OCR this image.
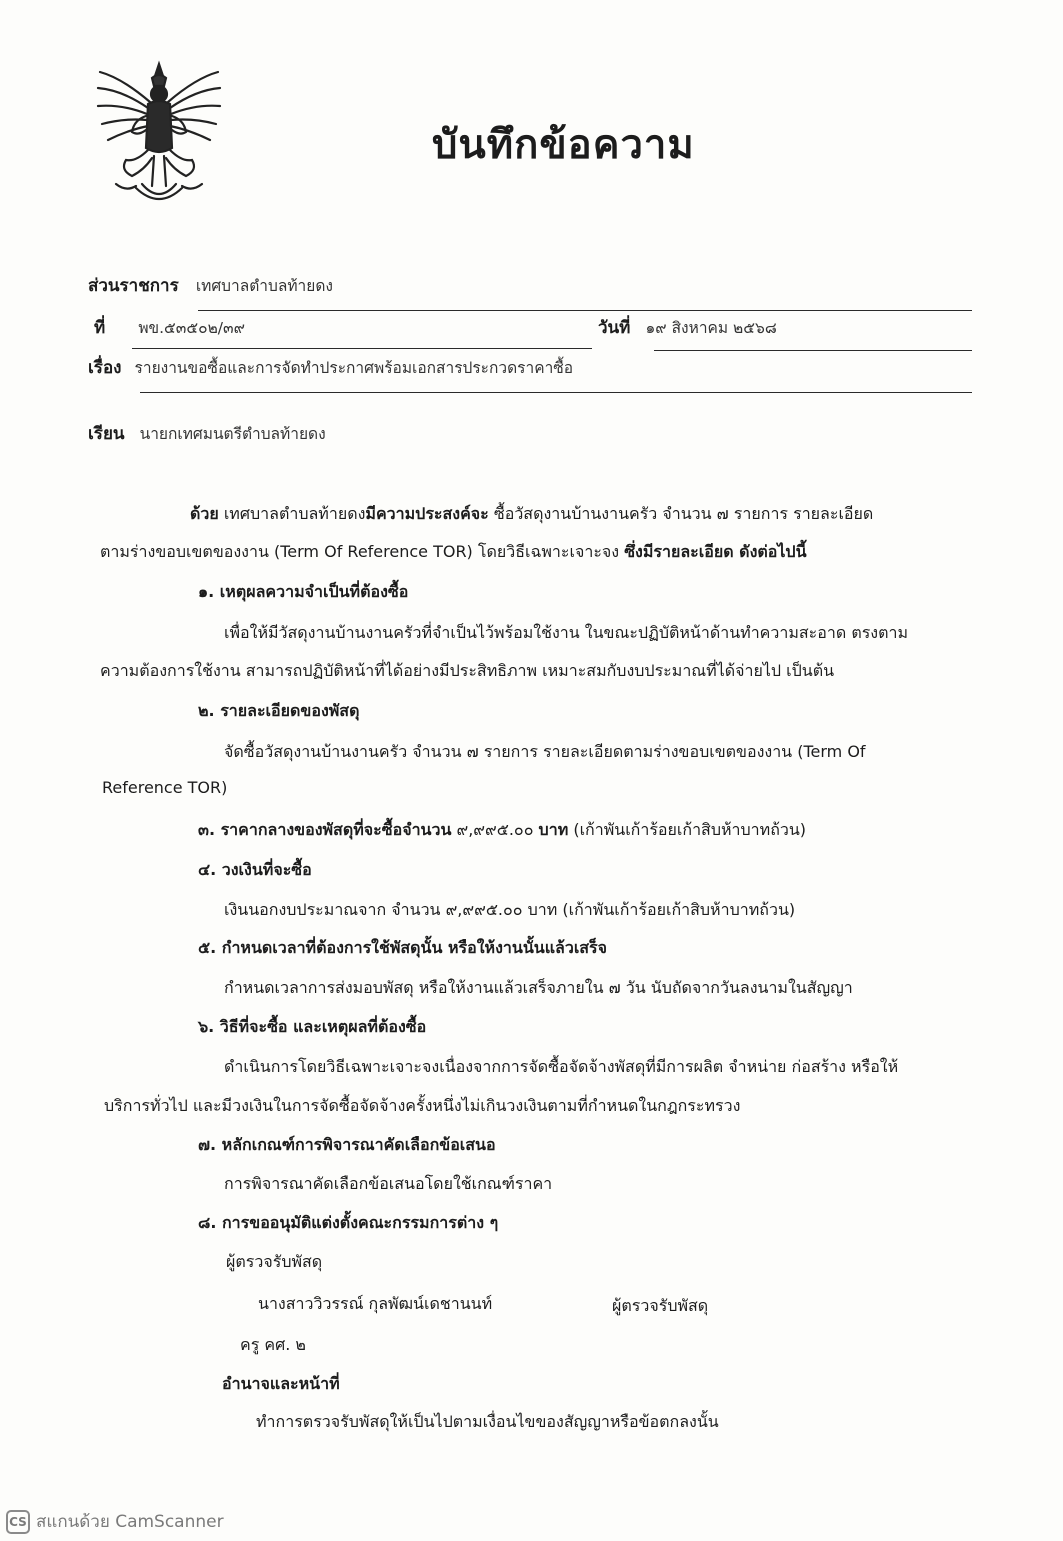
บันทึกข้อความ
ส่วนราชการ เทศบาลตำบลท้ายดง
ที่ พข.๕๓๕๐๒/๓๙	วันที่ ๑๙ สิงหาคม ๒๕๖๘
เรื่อง รายงานขอซื้อและการจัดทำประกาศพร้อมเอกสารประกวดราคาซื้อ
เรียน นายกเทศมนตรีตำบลท้ายดง
ด้วย เทศบาลตำบลท้ายดงมีความประสงค์จะ ซื้อวัสดุงานบ้านงานครัว จำนวน ๗ รายการ รายละเอียด
ตามร่างขอบเขตของงาน (Term Of Reference TOR) โดยวิธีเฉพาะเจาะจง ซึ่งมีรายละเอียด ดังต่อไปนี้
๑. เหตุผลความจำเป็นที่ต้องซื้อ
เพื่อให้มีวัสดุงานบ้านงานครัวที่จำเป็นไว้พร้อมใช้งาน ในขณะปฏิบัติหน้าด้านทำความสะอาด ตรงตาม
ความต้องการใช้งาน สามารถปฏิบัติหน้าที่ได้อย่างมีประสิทธิภาพ เหมาะสมกับงบประมาณที่ได้จ่ายไป เป็นต้น
๒. รายละเอียดของพัสดุ
จัดซื้อวัสดุงานบ้านงานครัว จำนวน ๗ รายการ รายละเอียดตามร่างขอบเขตของงาน (Term Of
Reference TOR)
๓. ราคากลางของพัสดุที่จะซื้อจำนวน ๙,๙๙๕.๐๐ บาท (เก้าพันเก้าร้อยเก้าสิบห้าบาทถ้วน)
๔. วงเงินที่จะซื้อ
เงินนอกงบประมาณจาก จำนวน ๙,๙๙๕.๐๐ บาท (เก้าพันเก้าร้อยเก้าสิบห้าบาทถ้วน)
๕. กำหนดเวลาที่ต้องการใช้พัสดุนั้น หรือให้งานนั้นแล้วเสร็จ
กำหนดเวลาการส่งมอบพัสดุ หรือให้งานแล้วเสร็จภายใน ๗ วัน นับถัดจากวันลงนามในสัญญา
๖. วิธีที่จะซื้อ และเหตุผลที่ต้องซื้อ
ดำเนินการโดยวิธีเฉพาะเจาะจงเนื่องจากการจัดซื้อจัดจ้างพัสดุที่มีการผลิต จำหน่าย ก่อสร้าง หรือให้
บริการทั่วไป และมีวงเงินในการจัดซื้อจัดจ้างครั้งหนึ่งไม่เกินวงเงินตามที่กำหนดในกฎกระทรวง
๗. หลักเกณฑ์การพิจารณาคัดเลือกข้อเสนอ
การพิจารณาคัดเลือกข้อเสนอโดยใช้เกณฑ์ราคา
๘. การขออนุมัติแต่งตั้งคณะกรรมการต่าง ๆ
ผู้ตรวจรับพัสดุ
นางสาววิวรรณ์ กุลพัฒน์เดชานนท์	ผู้ตรวจรับพัสดุ
ครู คศ. ๒
อำนาจและหน้าที่
ทำการตรวจรับพัสดุให้เป็นไปตามเงื่อนไขของสัญญาหรือข้อตกลงนั้น
CS สแกนด้วย CamScanner
